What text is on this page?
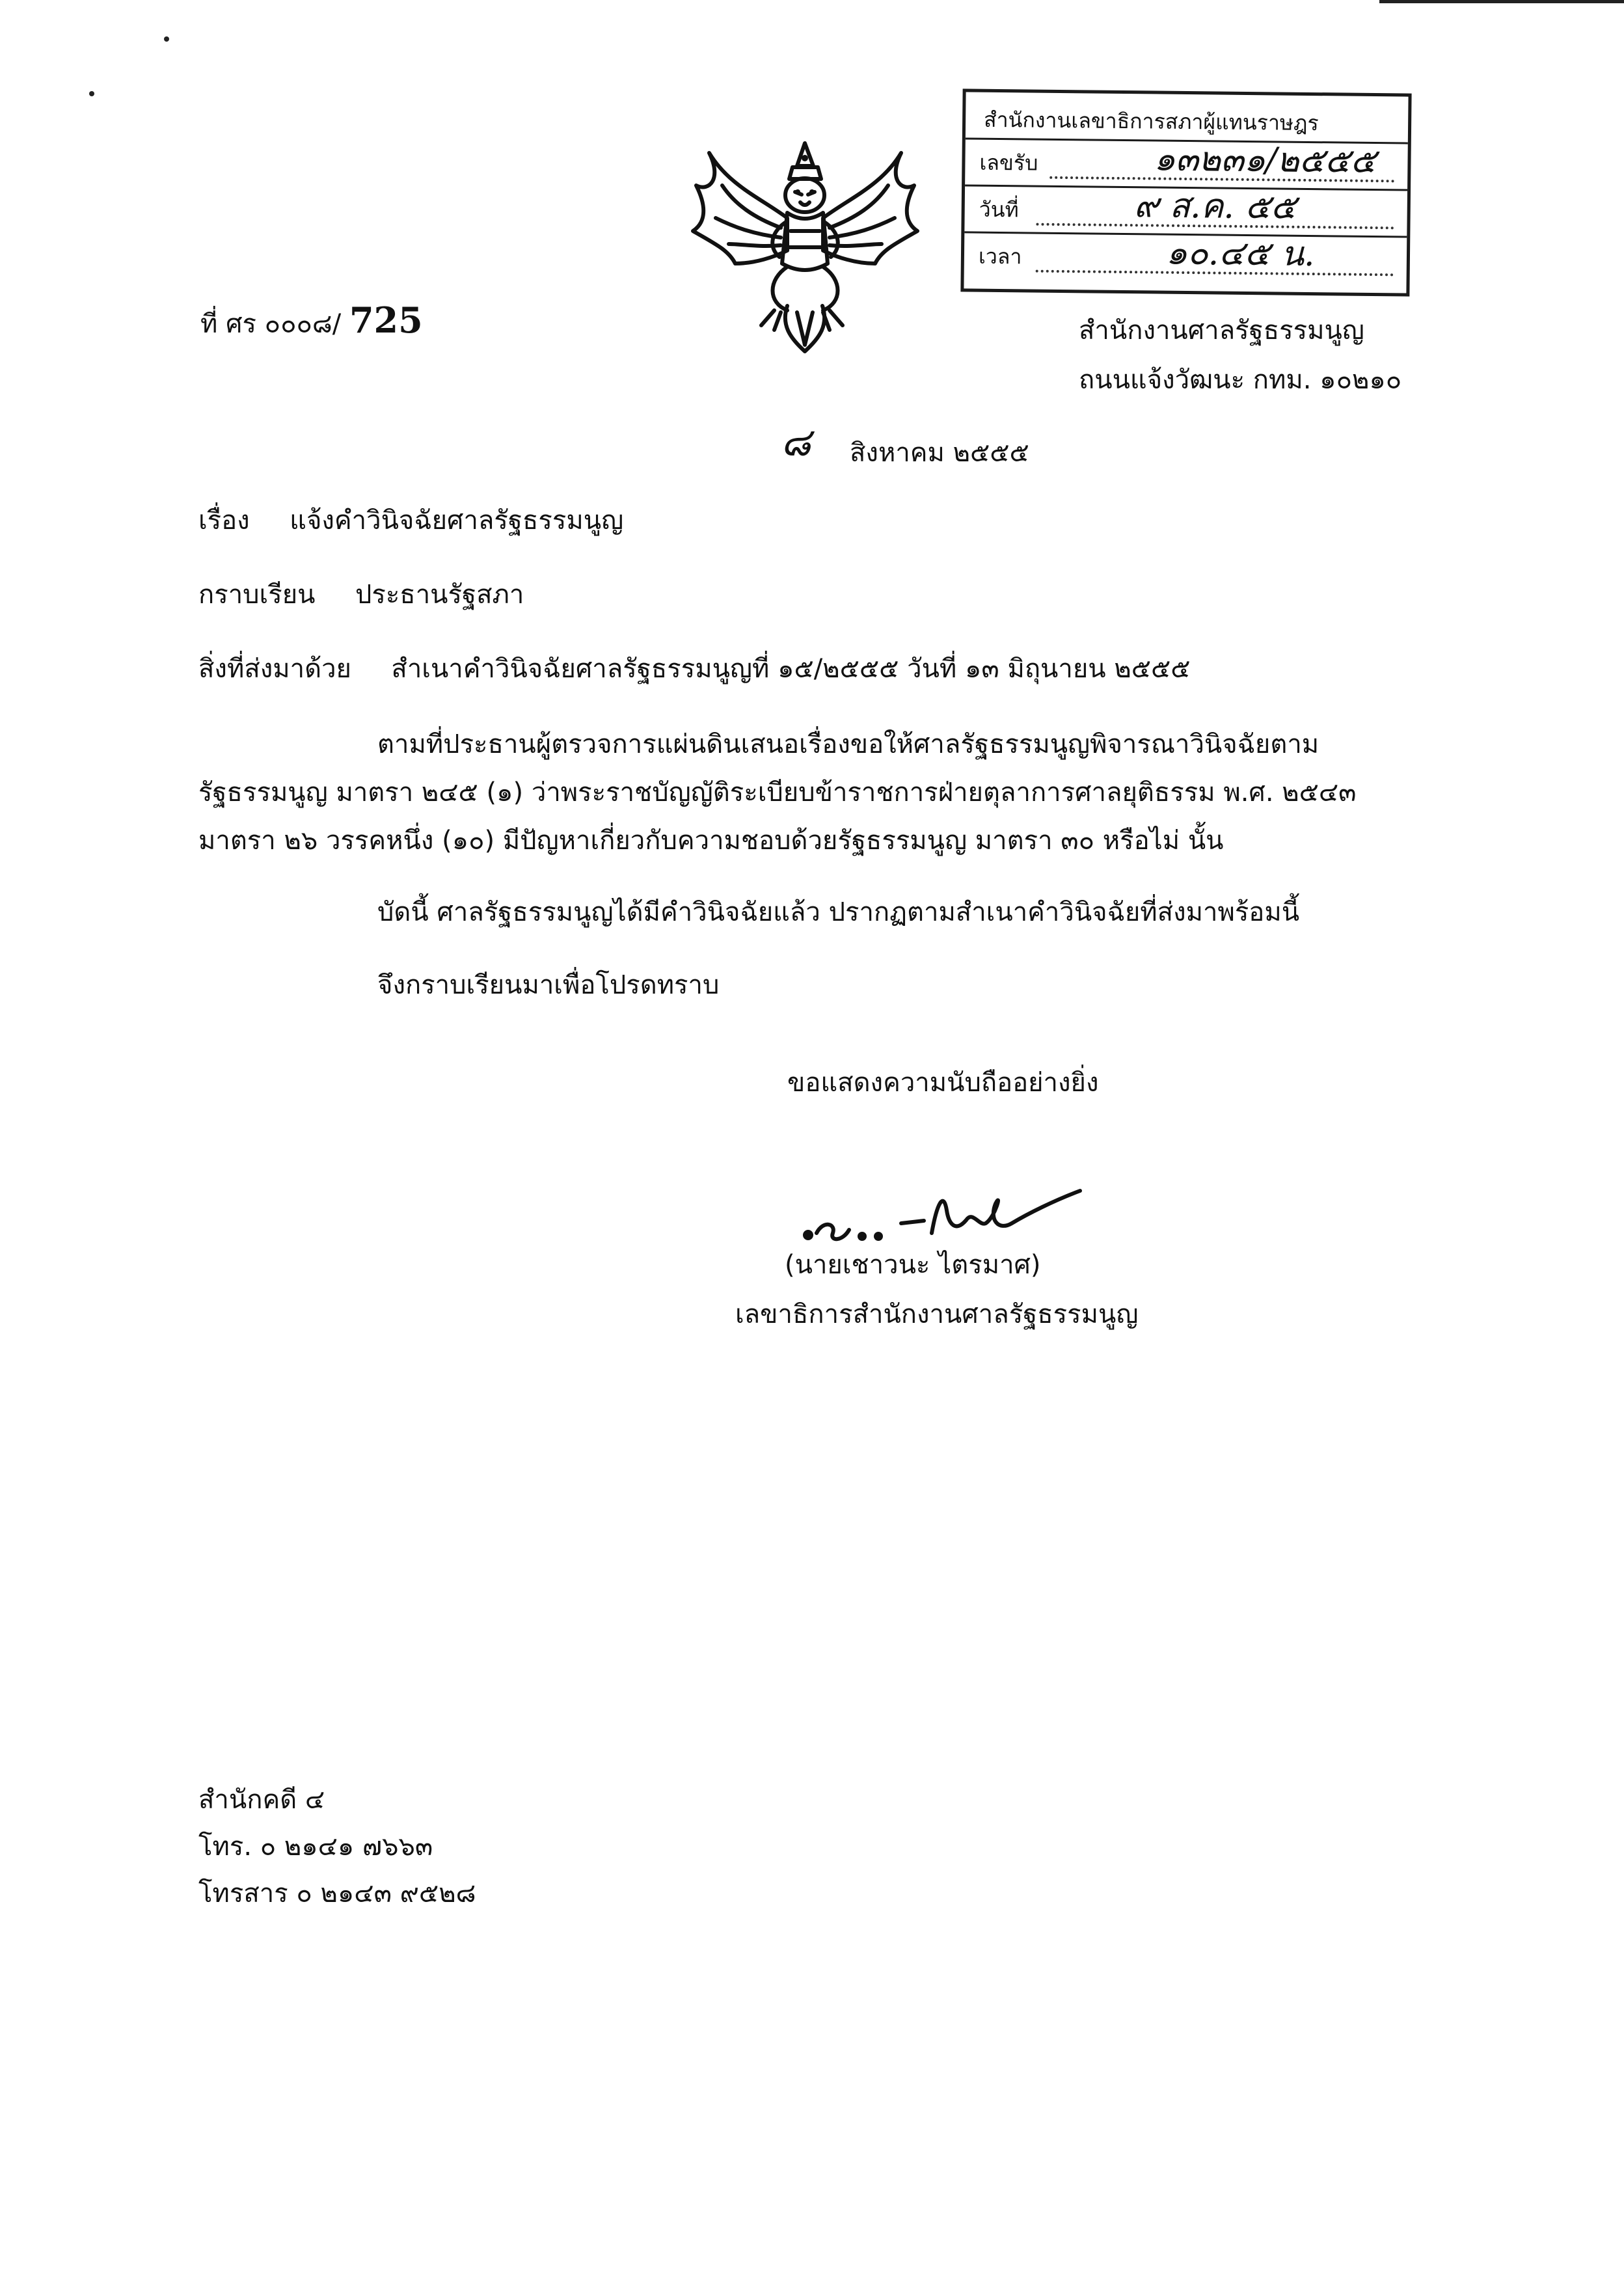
ที่ ศร ๐๐๐๘/ 725
สำนักงานเลขาธิการสภาผู้แทนราษฎร
เลขรับ	๑๓๒๓๑/๒๕๕๕
วันที่	๙ ส.ค. ๕๕
เวลา	๑๐.๔๕ น.
สำนักงานศาลรัฐธรรมนูญ
ถนนแจ้งวัฒนะ กทม. ๑๐๒๑๐
๘ สิงหาคม ๒๕๕๕
เรื่อง แจ้งคำวินิจฉัยศาลรัฐธรรมนูญ
กราบเรียน ประธานรัฐสภา
สิ่งที่ส่งมาด้วย สำเนาคำวินิจฉัยศาลรัฐธรรมนูญที่ ๑๕/๒๕๕๕ วันที่ ๑๓ มิถุนายน ๒๕๕๕
ตามที่ประธานผู้ตรวจการแผ่นดินเสนอเรื่องขอให้ศาลรัฐธรรมนูญพิจารณาวินิจฉัยตาม
รัฐธรรมนูญ มาตรา ๒๔๕ (๑) ว่าพระราชบัญญัติระเบียบข้าราชการฝ่ายตุลาการศาลยุติธรรม พ.ศ. ๒๕๔๓
มาตรา ๒๖ วรรคหนึ่ง (๑๐) มีปัญหาเกี่ยวกับความชอบด้วยรัฐธรรมนูญ มาตรา ๓๐ หรือไม่ นั้น
บัดนี้ ศาลรัฐธรรมนูญได้มีคำวินิจฉัยแล้ว ปรากฏตามสำเนาคำวินิจฉัยที่ส่งมาพร้อมนี้
จึงกราบเรียนมาเพื่อโปรดทราบ
ขอแสดงความนับถืออย่างยิ่ง
(นายเชาวนะ ไตรมาศ)
เลขาธิการสำนักงานศาลรัฐธรรมนูญ
สำนักคดี ๔
โทร. ๐ ๒๑๔๑ ๗๖๖๓
โทรสาร ๐ ๒๑๔๓ ๙๕๒๘
